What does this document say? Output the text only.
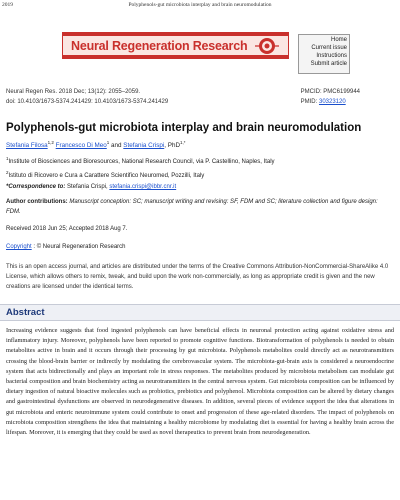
2019	Polyphenols-gut microbiota interplay and brain neuromodulation
Neural Regeneration Research	Home
Current issue
Instructions
Submit article
Neural Regen Res. 2018 Dec; 13(12): 2055–2059.
doi: 10.4103/1673-5374.241429: 10.4103/1673-5374.241429
PMCID: PMC6199944
PMID: 30323120
Polyphenols-gut microbiota interplay and brain neuromodulation
Stefania Filosa$^{1,2}$ Francesco Di Meo$^1$ and Stefania Crispi, PhD$^{1,*}$
$^1$Institute of Biosciences and Bioresources, National Research Council, via P. Castellino, Naples, Italy
$^2$Istituto di Ricovero e Cura a Carattere Scientifico Neuromed, Pozzilli, Italy
*Correspondence to: Stefania Crispi, stefania.crispi@ibbr.cnr.it
Author contributions: Manuscript conception: SC; manuscript writing and revising: SF, FDM and SC; literature collection and figure design: FDM.
Received 2018 Jun 25; Accepted 2018 Aug 7.
Copyright : © Neural Regeneration Research
This is an open access journal, and articles are distributed under the terms of the Creative Commons Attribution-NonCommercial-ShareAlike 4.0 License, which allows others to remix, tweak, and build upon the work non-commercially, as long as appropriate credit is given and the new creations are licensed under the identical terms.
Abstract
Increasing evidence suggests that food ingested polyphenols can have beneficial effects in neuronal protection acting against oxidative stress and inflammatory injury. Moreover, polyphenols have been reported to promote cognitive functions. Biotransformation of polyphenols is needed to obtain metabolites active in brain and it occurs through their processing by gut microbiota. Polyphenols metabolites could directly act as neurotransmitters crossing the blood-brain barrier or indirectly by modulating the cerebrovascular system. The microbiota-gut-brain axis is considered a neuroendocrine system that acts bidirectionally and plays an important role in stress responses. The metabolites produced by microbiota metabolism can modulate gut bacterial composition and brain biochemistry acting as neurotransmitters in the central nervous system. Gut microbiota composition can be influenced by dietary ingestion of natural bioactive molecules such as probiotics, prebiotics and polyphenol. Microbiota composition can be altered by dietary changes and gastrointestinal dysfunctions are observed in neurodegenerative diseases. In addition, several pieces of evidence support the idea that alterations in gut microbiota and enteric neuroimmune system could contribute to onset and progression of these age-related disorders. The impact of polyphenols on microbiota composition strengthens the idea that maintaining a healthy microbiome by modulating diet is essential for having a healthy brain across the lifespan. Moreover, it is emerging that they could be used as novel therapeutics to prevent brain from neurodegeneration.
